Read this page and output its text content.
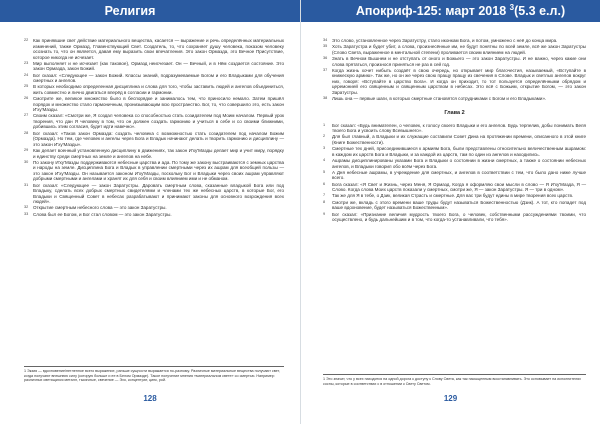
Религия
22 Как принявшие свет действие материального вещества, касается — выражение и речь определённых материальных изменений, также Ормазд, Главенствующий Свет. Создатель, то, что сохраняет душу человека, показом человеку осознать то, что он является, давая ему выразить свои впечатления. Это закон Ормазда, это Вечное Присутствие, которое никогда не исчезает.
23 Мир выполняет и не исчезает (как таковое), Ормазд неисчезает. Он — Вечный, и в Нём создается состояние. Это закон Ормазда, закон Божий.
24 Бог сказал: «Следующее — закон Божий. Классы знаний, подразумеваемые Богом и его Владыками для обучения смертных и ангелов.
25 В которых необходимо определенная дисциплина и слова для того, чтобы заставить людей и ангелов объединиться, жить совместно и лично двигаться вперёд в согласии и гармонии.
26 Смотрите же, великое множество было в беспорядке и занималось тем, что приносило немало. Затем пришёл порядок и множество стало гармоничным, пронизывающим всю пространство. Бог, то, что совершило это, есть закон И'ху'Мазды.
27 Своим сказал: «Смотри же, Я создал человека со способностью стать созидателем под Моим началом. Первый урок творения, что дан Я человеку в том, что он должен создать гармонию и учиться в себе и со своими ближними, добившись этим согласия, будет идти навечно».
28 Бог сказал: «Таков закон Ормазда: создать человека с возможностью стать созидателем под началом Божим (Ормазда). Но тем, где человек и ангелы через Бога и Владык начинают делать и творить гармонию и дисциплину — это закон И'ху'Мазды».
29 Как делает военный установленную дисциплину в движениях, так закон И'ху'Мазды делает мир и учит миру, порядку и единству среди смертных на земле и ангелов на небе.
30 По закону И'ху'Мазды поддерживаются небесные царства и ада. По тому же закону выстраиваются с земных царства и народы на земле. Дисциплина Бога и Владык в управлении смертными через их ашрам для всеобщей пользы — это закон И'ху'Мазды. Он называется законом И'ху'Мазды, поскольку Бог и Владыки через своих ашрам управляют добрыми смертными и ангелами и хранят их для себя и своим влиянием ими и не обманом.
31 Бог сказал: «Следующее — закон Заратустры. Даровать смертным слова, сказанные владыкой Бога или под Владыку, сделать всех добрых смертных свидетелями и членами тех же небесных царств, в которые Бог, его Владыки и Священный Совет в небесах разрабатывают и принимают законы для основного возрождения всех людей».
32 Открытие смертным небесного слова — это закон Заратустры.
33 Слова был ее Богом, и Бог стал словом — это закон Заратустры.
1 Экзия — вдохновение/нетленное всего выражение, раньше сущности выражается по-разному. Различные материальные вещества получают свет, когда получают внешнюю силу (которую больше и ее в Белом Ормазде). Такое получение мнения «материальном свете» со смертью. Например: различных светящихся металл, тысячные, свечение — Эхо, концентрат, цинк, рой.
128
Апокриф-125: март 2018 $^3$(5.3 е.л.)
34 Это слово, установленное через Заратустру, стало иконкам Бога, и потом, умножено с неё до конца мира.
35 Хоть Заратустра и будет убит, а слова, произнесённые им, не будут понятны по всей земле, всё же закон Заратустры (Слово Света, выраженное в ментальной степени) проливается своим влиянием на людей.
36 Знать в Вечном Вышнем и не отступать от оного и Божьего — это закон Заратустры. И не важно, через какие они слова прятаться, произнося приняться не раз в сей год.
37 Когда жизнь хочет нибыть создаёт в свою очередь, но открывает мир благочестия, называемый, «Вступайте в книжескую армию». Так же, но он же через свою пращу пращу из свечения в Слове. Владык и светлых ангелов вокруг них, говоря: «Вступайте в царство Бога». И когда он приходит, то тот пользуется определёнными обрядом и церемонией его священным и священным царством в небесах. Это всё с Божьим, открытие Богом, — это закон Заратустры.
38 Лишь она — первые шаги, в которых смертные становятся сотрудниками с Богом и его Владыками».
Глава 2
1 Бог сказал: «Будь внимателен, о человек, к голосу своего Владыки и его ангелов. Будь терпелив, добы понимать Веля твоего Бога и усвоить слову Всевышнего».
2 Для был главный, а Владыки и их служащие составили Совет Дина на протяжении времени, описанного в этой книге (Книге Божественности).
3 Смертные тех дней, присоединившиеся к армиям Бога, были представлены относительно величественным ашрамом: в каждом их царств Бога и Владыки, и за каждой из царств, там по один из ангелов и находились.
4 Ашрамы дисциплинированы указами Бога и Владыки о состоянии в жизни смертных, а также о состоянии небесных ангелов, и Владыки говорил обо всём через Бога.
5 А Дня небесные ашрамы, в учреждение для смертных, и ангелов в соответствии с тем, что было дано ниже лучше всего.
6 Бога сказал: «Я Свет и Жизнь, через Меня, Я Ормазд. Когда я оформляю свои мысли в слово — Я И'ху'Мазда, Я — Слово. Когда слова Моих царств показали у смертных, смотри же, Я — закон Заратустры. Я — три в одном».
7 Так же для Я в тебе, о Дзик, великая Страсть и смертные. Для вас три будут едины в мире творения всех царств.
8 Смотри же, вкладь с этого времени ваше труды будут называться Божественностью (Дзик). А тот, кто попадет под ваше вдохновение, будет называться Божественным».
9 Бог сказал: «Признание величия мудрость твоего Бога, о человек, собственными рассуждениями твоими, что осуществлено, и будь дальнейшим и в том, что когда-то устанавливали, что тебя».
1 Это значит, что у всех находится на одной дорога к доступу к Слову Света, как так насыщенным восстанавливать. Это основывает на исполнителях сосны, которые в соответствии с в отношении к Свету Светом.
129
